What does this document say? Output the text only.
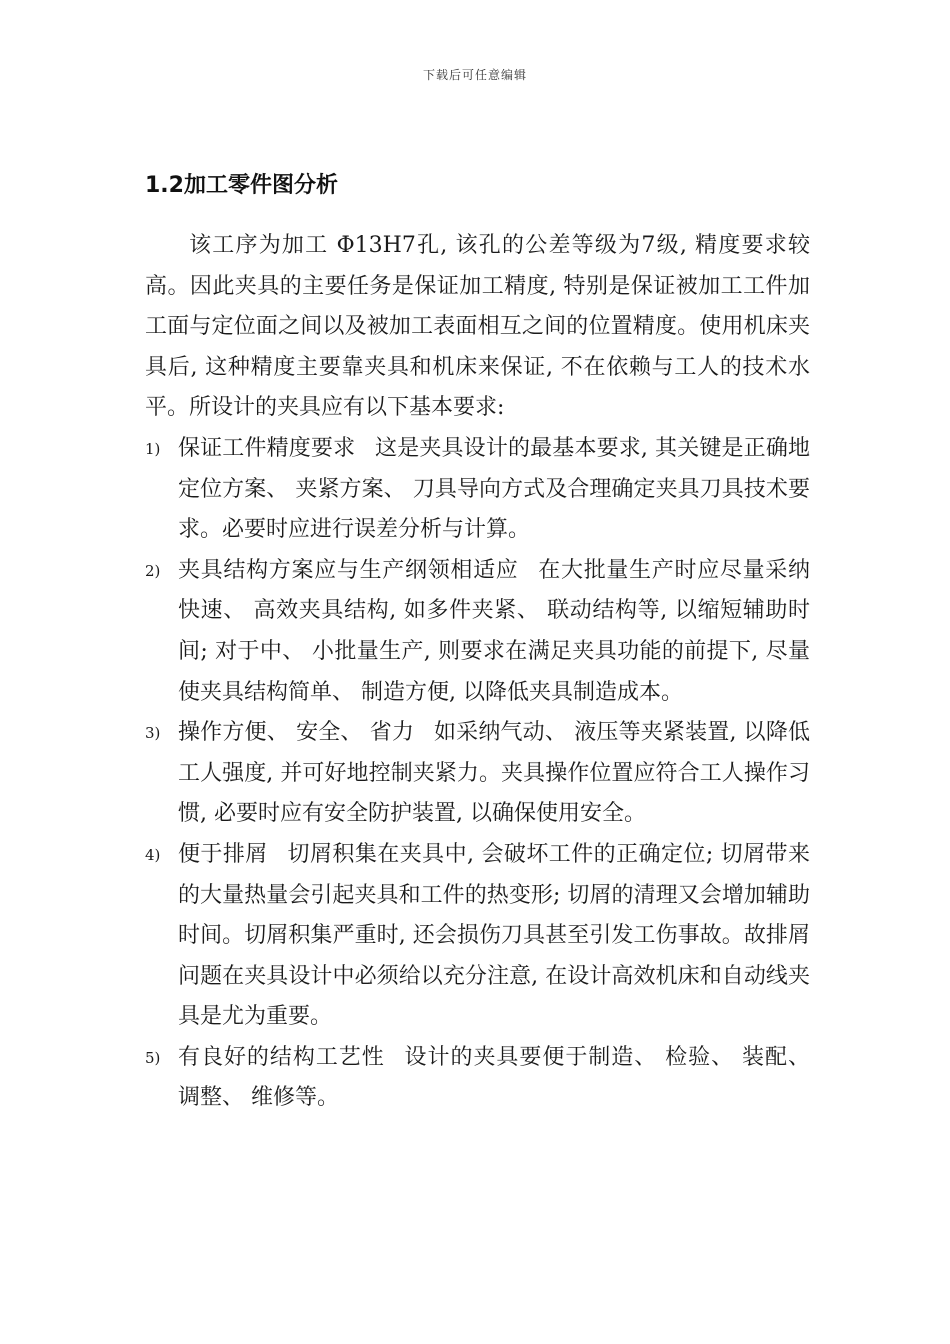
下载后可任意编辑
1.2加工零件图分析

该工序为加工 Φ13H7孔, 该孔的公差等级为7级, 精度要求较高。因此夹具的主要任务是保证加工精度, 特别是保证被加工工件加工面与定位面之间以及被加工表面相互之间的位置精度。使用机床夹具后, 这种精度主要靠夹具和机床来保证, 不在依赖与工人的技术水平。所设计的夹具应有以下基本要求:

1) 保证工件精度要求 这是夹具设计的最基本要求, 其关键是正确地定位方案、 夹紧方案、 刀具导向方式及合理确定夹具刀具技术要求。必要时应进行误差分析与计算。
2) 夹具结构方案应与生产纲领相适应 在大批量生产时应尽量采纳快速、 高效夹具结构, 如多件夹紧、 联动结构等, 以缩短辅助时间; 对于中、 小批量生产, 则要求在满足夹具功能的前提下, 尽量使夹具结构简单、 制造方便, 以降低夹具制造成本。
3) 操作方便、 安全、 省力 如采纳气动、 液压等夹紧装置, 以降低工人强度, 并可好地控制夹紧力。夹具操作位置应符合工人操作习惯, 必要时应有安全防护装置, 以确保使用安全。
4) 便于排屑 切屑积集在夹具中, 会破坏工件的正确定位; 切屑带来的大量热量会引起夹具和工件的热变形; 切屑的清理又会增加辅助时间。切屑积集严重时, 还会损伤刀具甚至引发工伤事故。故排屑问题在夹具设计中必须给以充分注意, 在设计高效机床和自动线夹具是尤为重要。
5) 有良好的结构工艺性 设计的夹具要便于制造、 检验、 装配、 调整、 维修等。
